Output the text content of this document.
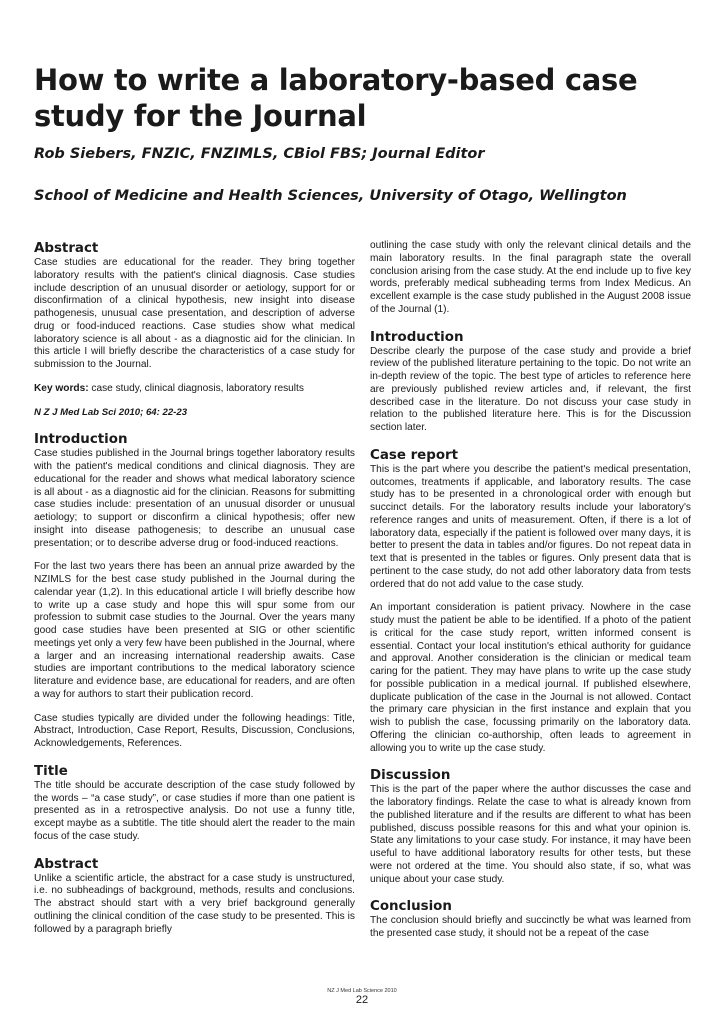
How to write a laboratory-based case study for the Journal

Rob Siebers, FNZIC, FNZIMLS, CBiol FBS; Journal Editor

School of Medicine and Health Sciences, University of Otago, Wellington

Abstract

Case studies are educational for the reader. They bring together laboratory results with the patient's clinical diagnosis. Case studies include description of an unusual disorder or aetiology, support for or disconfirmation of a clinical hypothesis, new insight into disease pathogenesis, unusual case presentation, and description of adverse drug or food-induced reactions. Case studies show what medical laboratory science is all about - as a diagnostic aid for the clinician. In this article I will briefly describe the characteristics of a case study for submission to the Journal.

Key words: case study, clinical diagnosis, laboratory results

N Z J Med Lab Sci 2010; 64: 22-23

Introduction

Case studies published in the Journal brings together laboratory results with the patient's medical conditions and clinical diagnosis. They are educational for the reader and shows what medical laboratory science is all about - as a diagnostic aid for the clinician. Reasons for submitting case studies include: presentation of an unusual disorder or unusual aetiology; to support or disconfirm a clinical hypothesis; offer new insight into disease pathogenesis; to describe an unusual case presentation; or to describe adverse drug or food-induced reactions.

For the last two years there has been an annual prize awarded by the NZIMLS for the best case study published in the Journal during the calendar year (1,2). In this educational article I will briefly describe how to write up a case study and hope this will spur some from our profession to submit case studies to the Journal. Over the years many good case studies have been presented at SIG or other scientific meetings yet only a very few have been published in the Journal, where a larger and an increasing international readership awaits. Case studies are important contributions to the medical laboratory science literature and evidence base, are educational for readers, and are often a way for authors to start their publication record.

Case studies typically are divided under the following headings: Title, Abstract, Introduction, Case Report, Results, Discussion, Conclusions, Acknowledgements, References.

Title

The title should be accurate description of the case study followed by the words – “a case study”, or case studies if more than one patient is presented as in a retrospective analysis. Do not use a funny title, except maybe as a subtitle. The title should alert the reader to the main focus of the case study.

Abstract

Unlike a scientific article, the abstract for a case study is unstructured, i.e. no subheadings of background, methods, results and conclusions. The abstract should start with a very brief background generally outlining the clinical condition of the case study to be presented. This is followed by a paragraph briefly

outlining the case study with only the relevant clinical details and the main laboratory results. In the final paragraph state the overall conclusion arising from the case study. At the end include up to five key words, preferably medical subheading terms from Index Medicus. An excellent example is the case study published in the August 2008 issue of the Journal (1).

Introduction

Describe clearly the purpose of the case study and provide a brief review of the published literature pertaining to the topic. Do not write an in-depth review of the topic. The best type of articles to reference here are previously published review articles and, if relevant, the first described case in the literature. Do not discuss your case study in relation to the published literature here. This is for the Discussion section later.

Case report

This is the part where you describe the patient's medical presentation, outcomes, treatments if applicable, and laboratory results. The case study has to be presented in a chronological order with enough but succinct details. For the laboratory results include your laboratory's reference ranges and units of measurement. Often, if there is a lot of laboratory data, especially if the patient is followed over many days, it is better to present the data in tables and/or figures. Do not repeat data in text that is presented in the tables or figures. Only present data that is pertinent to the case study, do not add other laboratory data from tests ordered that do not add value to the case study.

An important consideration is patient privacy. Nowhere in the case study must the patient be able to be identified. If a photo of the patient is critical for the case study report, written informed consent is essential. Contact your local institution's ethical authority for guidance and approval. Another consideration is the clinician or medical team caring for the patient. They may have plans to write up the case study for possible publication in a medical journal. If published elsewhere, duplicate publication of the case in the Journal is not allowed. Contact the primary care physician in the first instance and explain that you wish to publish the case, focussing primarily on the laboratory data. Offering the clinician co-authorship, often leads to agreement in allowing you to write up the case study.

Discussion

This is the part of the paper where the author discusses the case and the laboratory findings. Relate the case to what is already known from the published literature and if the results are different to what has been published, discuss possible reasons for this and what your opinion is. State any limitations to your case study. For instance, it may have been useful to have additional laboratory results for other tests, but these were not ordered at the time. You should also state, if so, what was unique about your case study.

Conclusion

The conclusion should briefly and succinctly be what was learned from the presented case study, it should not be a repeat of the case

NZ J Med Lab Science 2010

22
